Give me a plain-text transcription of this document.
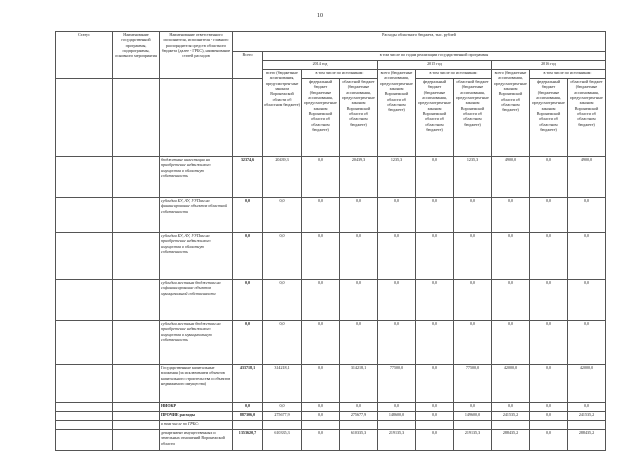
10
Статус	Наименование государственной программы, подпрограммы, основного мероприятия	Наименование ответственного исполнителя, исполнителя - главного распорядителя средств областного бюджета (далее - ГРБС), наименование статей расходов	Расходы областного бюджета, тыс. рублей									
			Всего	в том числе по годам реализации государственной программы								
				2014 год			2015 год			2016 год		
				всего (бюджетные ассигнования, предусмотрен-ные законом Воронежской области об областном бюджете)	в том числе по источникам:		всего (бюджетные ассигнования, предусмотрен-ные законом Воронежской области об областном бюджете)	в том числе по источникам:		всего (бюджетные ассигнования, предусмотрен-ные законом Воронежской области об областном бюджете)	в том числе по источникам:	
					федеральный бюджет (бюджетные ассигнования, предусмотрен-ные законом Воронежской области об областном бюджете)	областной бюджет (бюджетные ассигнования, предусмотрен-ные законом Воронежской области об областном бюджете)		федеральный бюджет (бюджетные ассигнования, предусмотрен-ные законом Воронежской области об областном бюджете)	областной бюджет (бюджетные ассигнования, предусмотрен-ные законом Воронежской области об областном бюджете)		федеральный бюджет (бюджетные ассигнования, предусмотрен-ные законом Воронежской области об областном бюджете)	областной бюджет (бюджетные ассигнования, предусмотрен-ные законом Воронежской области об областном бюджете)
		бюджетные инвестиции на приобретение недвижимого имущества в областную собственность	32374,6	20439,3	0,0	20439,3	1235,3	0,0	1235,3	4900,0	0,0	4900,0
		субсидии БУ, АУ, УУПам на финансирование объектов областной собственности	0,0	0,0	0,0	0,0	0,0	0,0	0,0	0,0	0,0	0,0
		субсидии БУ, АУ, УУПам на приобретение недвижимого имущества в областную собственность	0,0	0,0	0,0	0,0	0,0	0,0	0,0	0,0	0,0	0,0
		субсидии местным бюджетам на софинансирование объектов муниципальной собственности	0,0	0,0	0,0	0,0	0,0	0,0	0,0	0,0	0,0	0,0
		субсидии местным бюджетам на приобретение недвижимого имущества в муниципальную собственность	0,0	0,0	0,0	0,0	0,0	0,0	0,0	0,0	0,0	0,0
		Государственные капитальные вложения (за исключением объектов капитального строительства и объектов недвижимого имущества)	433718,1	314218,1	0,0	314218,1	77500,0	0,0	77500,0	42000,0	0,0	42000,0
		НИОКР	0,0	0,0	0,0	0,0	0,0	0,0	0,0	0,0	0,0	0,0
		ПРОЧИЕ расходы	887306,0	275677,9	0,0	275677,9	148600,0	0,0	149600,0	241535,2	0,0	241535,2
		в том числе по ГРБС:										
		департамент имущественных и земельных отношений Воронежской области	1353620,7	610335,3	0,0	610335,3	219135,3	0,0	219135,3	288435,2	0,0	288435,2
